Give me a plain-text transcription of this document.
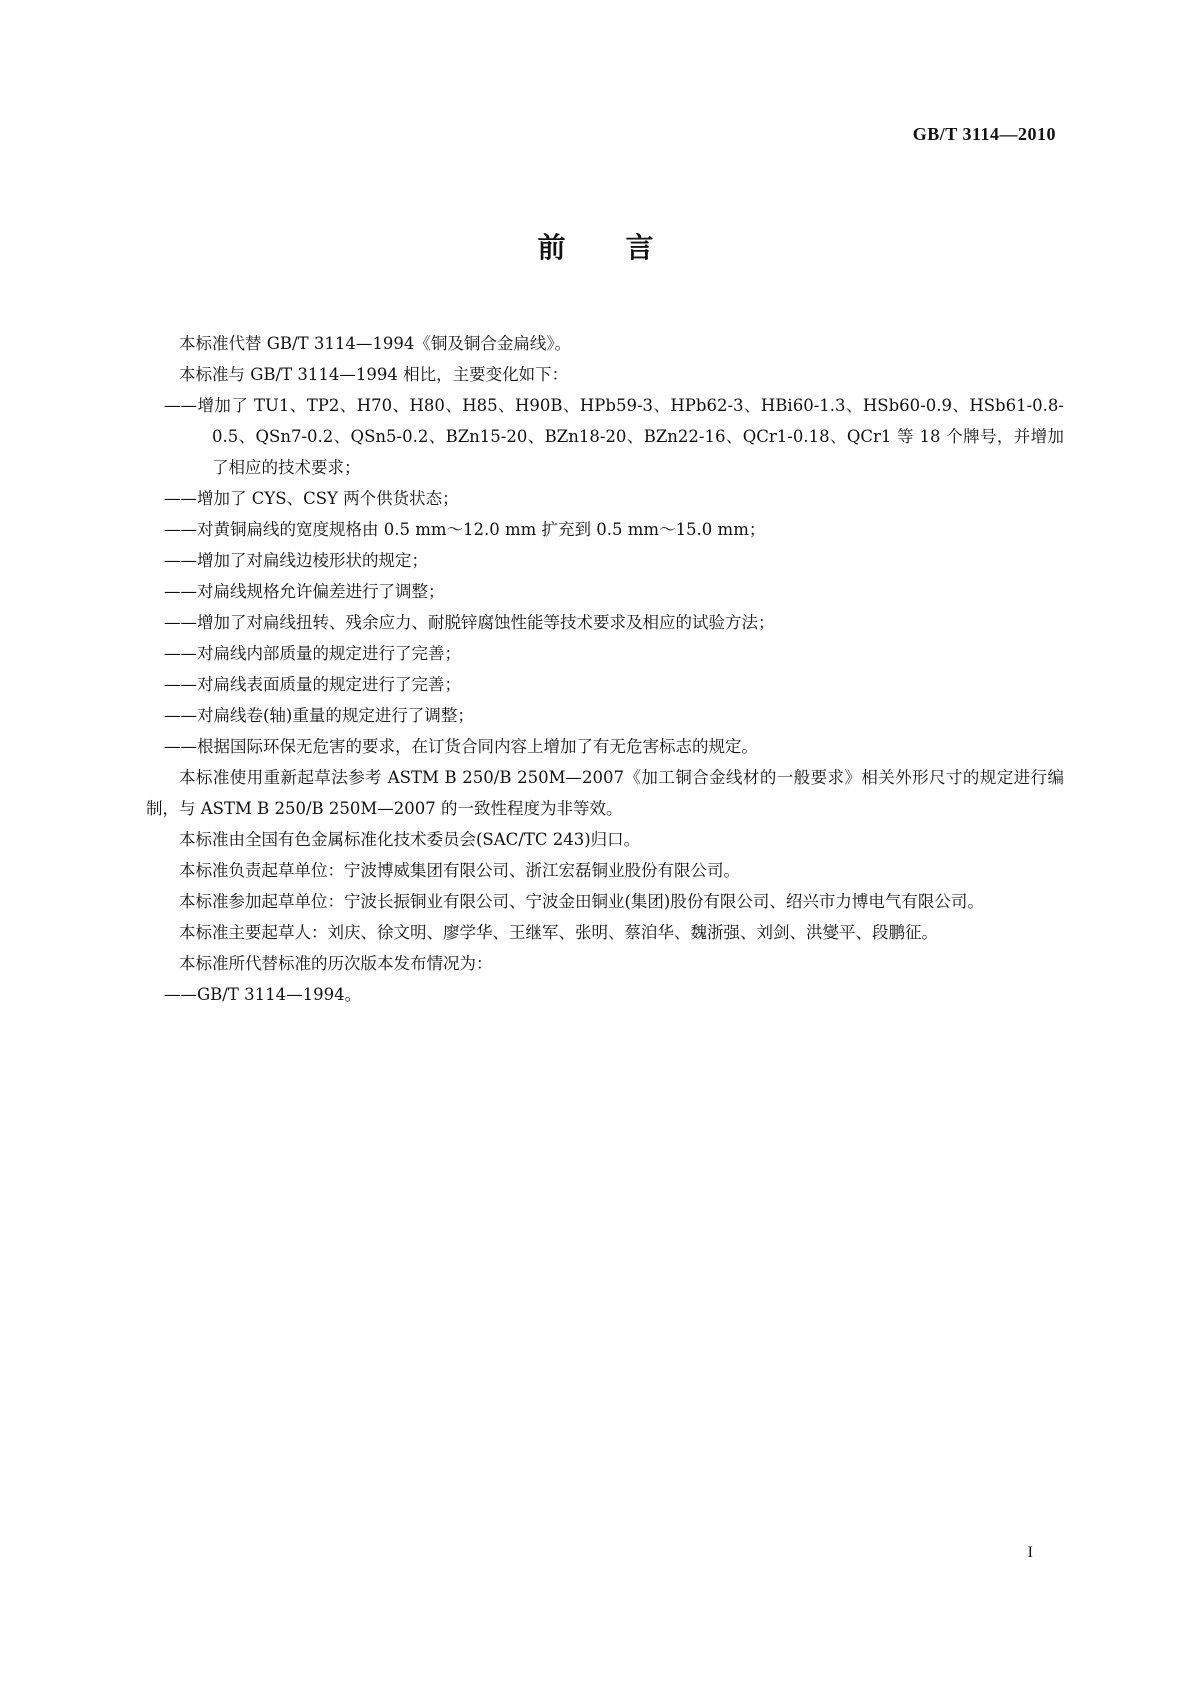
GB/T 3114—2010
前言

本标准代替 GB/T 3114—1994《铜及铜合金扁线》。

本标准与 GB/T 3114—1994 相比，主要变化如下：

——增加了 TU1、TP2、H70、H80、H85、H90B、HPb59-3、HPb62-3、HBi60-1.3、HSb60-0.9、HSb61-0.8-0.5、QSn7-0.2、QSn5-0.2、BZn15-20、BZn18-20、BZn22-16、QCr1-0.18、QCr1 等 18 个牌号，并增加了相应的技术要求；

——增加了 CYS、CSY 两个供货状态；

——对黄铜扁线的宽度规格由 0.5 mm～12.0 mm 扩充到 0.5 mm～15.0 mm；

——增加了对扁线边棱形状的规定；

——对扁线规格允许偏差进行了调整；

——增加了对扁线扭转、残余应力、耐脱锌腐蚀性能等技术要求及相应的试验方法；

——对扁线内部质量的规定进行了完善；

——对扁线表面质量的规定进行了完善；

——对扁线卷(轴)重量的规定进行了调整；

——根据国际环保无危害的要求，在订货合同内容上增加了有无危害标志的规定。

本标准使用重新起草法参考 ASTM B 250/B 250M—2007《加工铜合金线材的一般要求》相关外形尺寸的规定进行编制，与 ASTM B 250/B 250M—2007 的一致性程度为非等效。

本标准由全国有色金属标准化技术委员会(SAC/TC 243)归口。

本标准负责起草单位：宁波博威集团有限公司、浙江宏磊铜业股份有限公司。

本标准参加起草单位：宁波长振铜业有限公司、宁波金田铜业(集团)股份有限公司、绍兴市力博电气有限公司。

本标准主要起草人：刘庆、徐文明、廖学华、王继军、张明、蔡洎华、魏浙强、刘剑、洪燮平、段鹏征。

本标准所代替标准的历次版本发布情况为：

——GB/T 3114—1994。

I
